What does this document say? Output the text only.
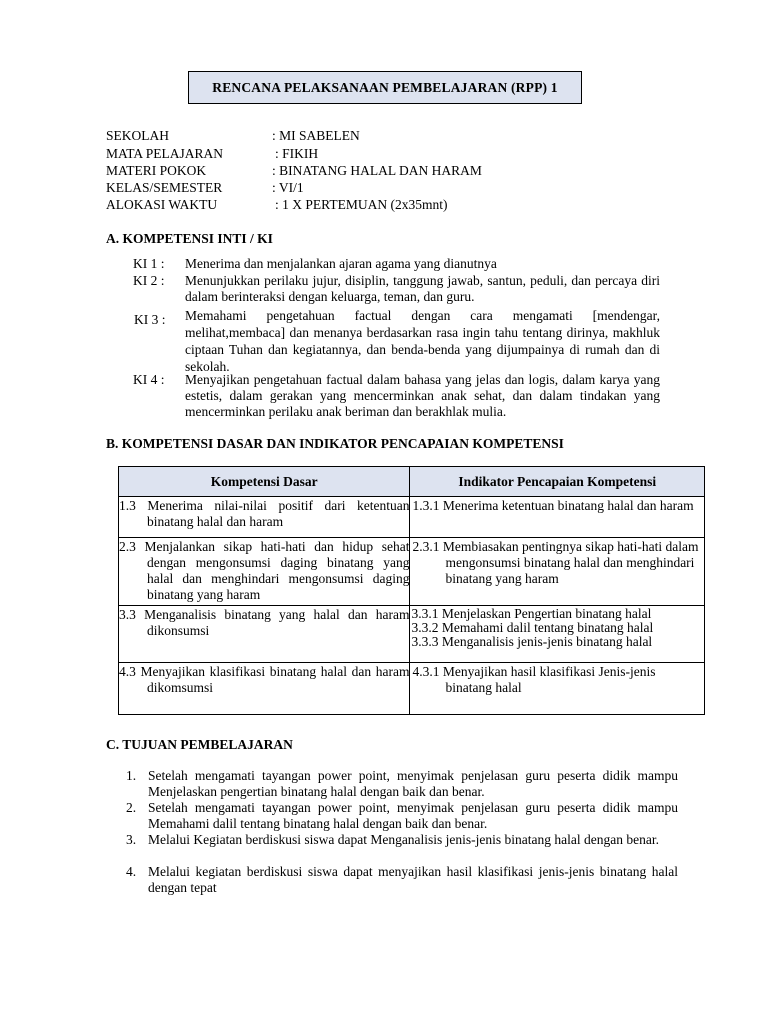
RENCANA PELAKSANAAN PEMBELAJARAN (RPP) 1
SEKOLAH	: MI SABELEN
MATA PELAJARAN	: FIKIH
MATERI POKOK	: BINATANG HALAL DAN HARAM
KELAS/SEMESTER	: VI/1
ALOKASI WAKTU	: 1 X PERTEMUAN (2x35mnt)
A. KOMPETENSI INTI / KI
KI 1 : Menerima dan menjalankan ajaran agama yang dianutnya
KI 2 : Menunjukkan perilaku jujur, disiplin, tanggung jawab, santun, peduli, dan percaya diri dalam berinteraksi dengan keluarga, teman, dan guru.
KI 3 : Memahami pengetahuan factual dengan cara mengamati [mendengar, melihat,membaca] dan menanya berdasarkan rasa ingin tahu tentang dirinya, makhluk ciptaan Tuhan dan kegiatannya, dan benda-benda yang dijumpainya di rumah dan di sekolah.
KI 4 : Menyajikan pengetahuan factual dalam bahasa yang jelas dan logis, dalam karya yang estetis, dalam gerakan yang mencerminkan anak sehat, dan dalam tindakan yang mencerminkan perilaku anak beriman dan berakhlak mulia.
B. KOMPETENSI DASAR DAN INDIKATOR PENCAPAIAN KOMPETENSI
Kompetensi Dasar	Indikator Pencapaian Kompetensi

1.3 Menerima nilai-nilai positif dari ketentuan binatang halal dan haram	1.3.1 Menerima ketentuan binatang halal dan haram

2.3 Menjalankan sikap hati-hati dan hidup sehat dengan mengonsumsi daging binatang yang halal dan menghindari mengonsumsi daging binatang yang haram	2.3.1 Membiasakan pentingnya sikap hati-hati dalam mengonsumsi binatang halal dan menghindari binatang yang haram

3.3 Menganalisis binatang yang halal dan haram dikonsumsi	3.3.1 Menjelaskan Pengertian binatang halal
3.3.2 Memahami dalil tentang binatang halal
3.3.3 Menganalisis jenis-jenis binatang halal

4.3 Menyajikan klasifikasi binatang halal dan haram dikomsumsi	4.3.1 Menyajikan hasil klasifikasi Jenis-jenis binatang halal
C. TUJUAN PEMBELAJARAN
1. Setelah mengamati tayangan power point, menyimak penjelasan guru peserta didik mampu Menjelaskan pengertian binatang halal dengan baik dan benar.
2. Setelah mengamati tayangan power point, menyimak penjelasan guru peserta didik mampu Memahami dalil tentang binatang halal dengan baik dan benar.
3. Melalui Kegiatan berdiskusi siswa dapat Menganalisis jenis-jenis binatang halal dengan benar.
4. Melalui kegiatan berdiskusi siswa dapat menyajikan hasil klasifikasi jenis-jenis binatang halal dengan tepat
